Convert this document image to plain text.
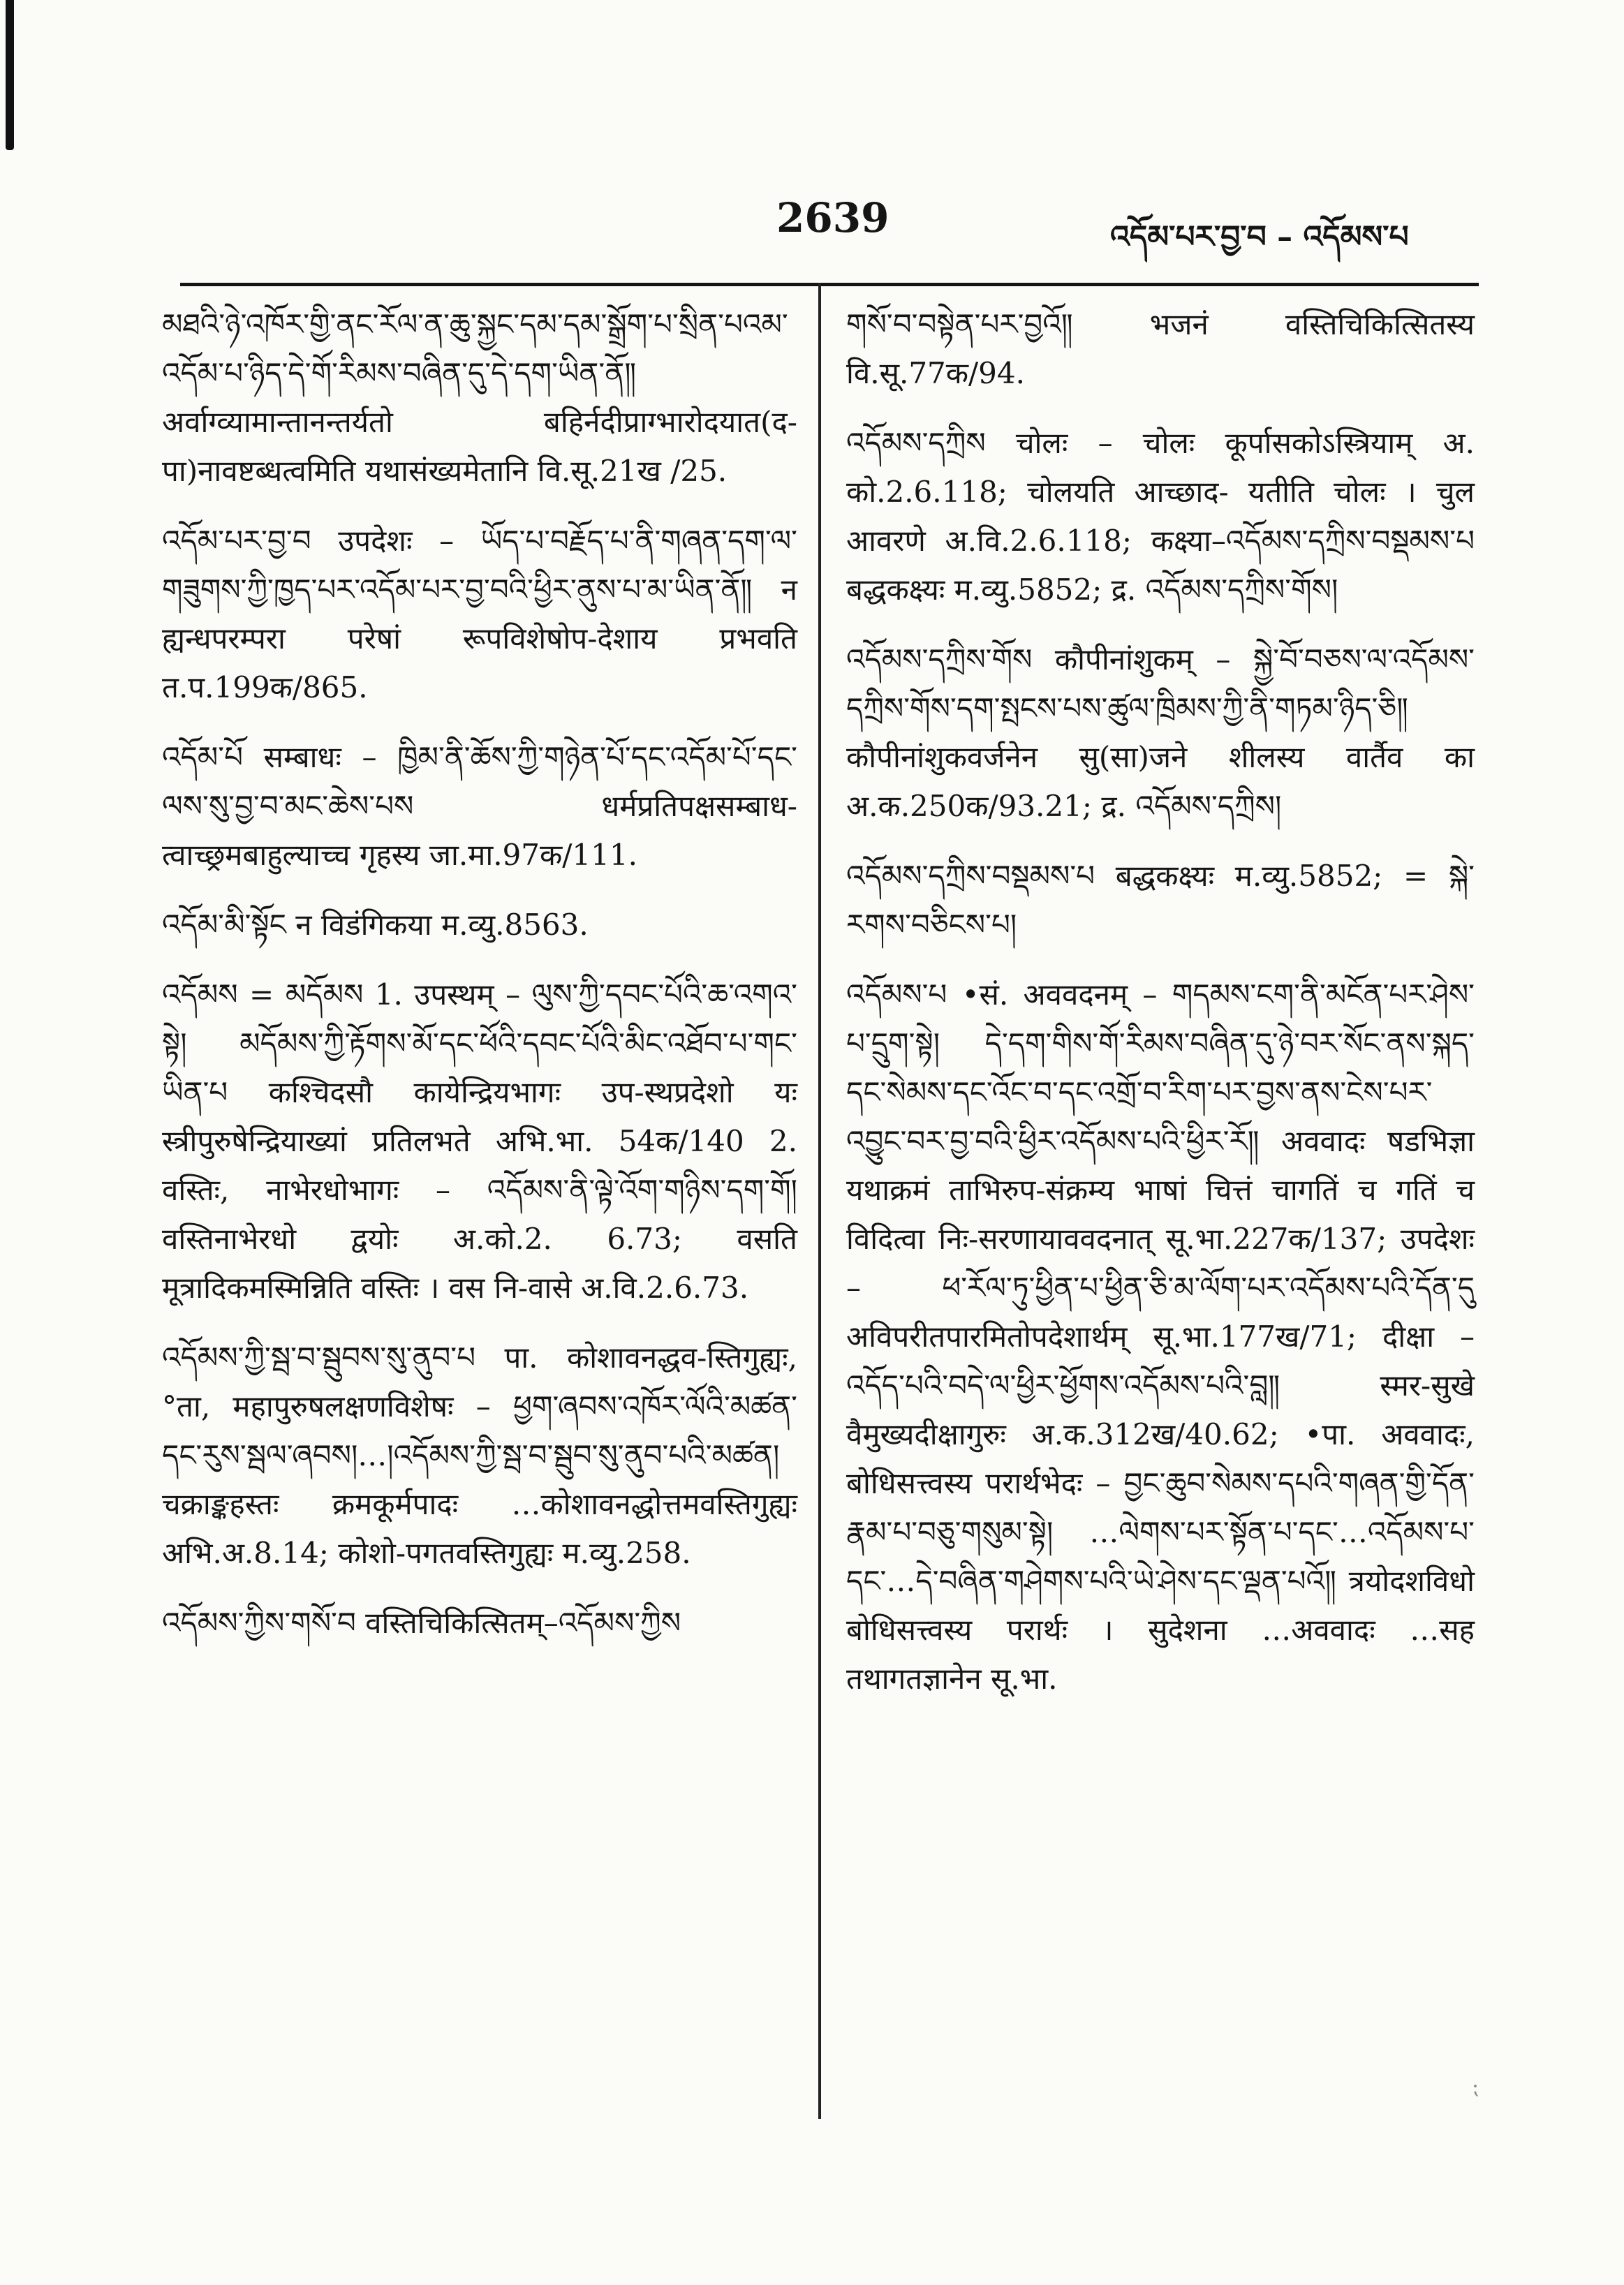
2639	འདོམ་པར་བྱ་བ – འདོམས་པ

མཐའི་ཉེ་འཁོར་གྱི་ནང་རོལ་ན་ཆུ་སྐྱང་དམ་དམ་སྒྲོག་པ་སྲིན་པའམ་འདོམ་པ་ཉིད་དེ་གོ་རིམས་བཞིན་དུ་དེ་དག་ཡིན་ནོ༎ अर्वाग्व्यामान्तानन्तर्यतो बहिर्नदीप्राग्भारोदयात(द-पा)नावष्टब्धत्वमिति यथासंख्यमेतानि वि.सू.21ख /25.

འདོམ་པར་བྱ་བ उपदेशः – ཡོད་པ་བརྗོད་པ་ནི་གཞན་དག་ལ་གཟུགས་ཀྱི་ཁྱད་པར་འདོམ་པར་བྱ་བའི་ཕྱིར་ནུས་པ་མ་ཡིན་ནོ༎ न ह्यन्धपरम्परा परेषां रूपविशेषोप-देशाय प्रभवति त.प.199क/865.

འདོམ་པོ सम्बाधः – ཁྱིམ་ནི་ཆོས་ཀྱི་གཉེན་པོ་དང་འདོམ་པོ་དང་ལས་སུ་བྱ་བ་མང་ཆེས་པས धर्मप्रतिपक्षसम्बाध-त्वाच्छ्रमबाहुल्याच्च गृहस्य जा.मा.97क/111.

འདོམ་མི་སྟོང न विडंगिकया म.व्यु.8563.

འདོམས = མདོམས 1. उपस्थम् – ལུས་ཀྱི་དབང་པོའི་ཆ་འགའ་སྟེ། མདོམས་ཀྱི་རྟོགས་མོ་དང་ཕོའི་དབང་པོའི་མིང་འཐོབ་པ་གང་ཡིན་པ कश्चिदसौ कायेन्द्रियभागः उप-स्थप्रदेशो यः स्त्रीपुरुषेन्द्रियाख्यां प्रतिलभते अभि.भा. 54क/140 2. वस्तिः, नाभेरधोभागः – འདོམས་ནི་ལྟེ་འོག་གཉིས་དག་གོ། वस्तिनाभेरधो द्वयोः अ.को.2. 6.73; वसति मूत्रादिकमस्मिन्निति वस्तिः । वस नि-वासे अ.वि.2.6.73.

འདོམས་ཀྱི་སྦ་བ་སྦུབས་སུ་ནུབ་པ पा. कोशावनद्धव-स्तिगुह्यः, °ता, महापुरुषलक्षणविशेषः – ཕྱག་ཞབས་འཁོར་ལོའི་མཚན་དང་རུས་སྦལ་ཞབས།…།འདོམས་ཀྱི་སྦ་བ་སྦུབ་སུ་ནུབ་པའི་མཚན། चक्राङ्कहस्तः क्रमकूर्मपादः …कोशावनद्धोत्तमवस्तिगुह्यः अभि.अ.8.14; कोशो-पगतवस्तिगुह्यः म.व्यु.258.

འདོམས་ཀྱིས་གསོ་བ वस्तिचिकित्सितम्–འདོམས་ཀྱིས

གསོ་བ་བསྟེན་པར་བྱའོ༎ भजनं वस्तिचिकित्सितस्य वि.सू.77क/94.

འདོམས་དཀྲིས चोलः – चोलः कूर्पासकोऽस्त्रियाम् अ. को.2.6.118; चोलयति आच्छाद- यतीति चोलः । चुल आवरणे अ.वि.2.6.118; कक्ष्या–འདོམས་དཀྲིས་བསྡམས་པ बद्धकक्ष्यः म.व्यु.5852; द्र. འདོམས་དཀྲིས་གོས།

འདོམས་དཀྲིས་གོས कौपीनांशुकम् – སྐྱེ་བོ་བཅས་ལ་འདོམས་དཀྲིས་གོས་དག་སྤངས་པས་ཚུལ་ཁྲིམས་ཀྱི་ནི་གཏམ་ཉིད་ཅི༎ कौपीनांशुकवर्जनेन सु(सा)जने शीलस्य वार्तैव का अ.क.250क/93.21; द्र. འདོམས་དཀྲིས།

འདོམས་དཀྲིས་བསྡམས་པ बद्धकक्ष्यः म.व्यु.5852; = སྐེ་རགས་བཅིངས་པ།

འདོམས་པ •सं. अववदनम् – གདམས་ངག་ནི་མངོན་པར་ཤེས་པ་དྲུག་སྟེ། དེ་དག་གིས་གོ་རིམས་བཞིན་དུ་ཉེ་བར་སོང་ནས་སྐད་དང་སེམས་དང་འོང་བ་དང་འགྲོ་བ་རིག་པར་བྱས་ནས་ངེས་པར་འབྱུང་བར་བྱ་བའི་ཕྱིར་འདོམས་པའི་ཕྱིར་རོ༎ अववादः षडभिज्ञा यथाक्रमं ताभिरुप-संक्रम्य भाषां चित्तं चागतिं च गतिं च विदित्वा निः-सरणायाववदनात् सू.भा.227क/137; उपदेशः – ཕ་རོལ་ཏུ་ཕྱིན་པ་ཕྱིན་ཅི་མ་ལོག་པར་འདོམས་པའི་དོན་དུ अविपरीतपारमितोपदेशार्थम् सू.भा.177ख/71; दीक्षा – འདོད་པའི་བདེ་ལ་ཕྱིར་ཕྱོགས་འདོམས་པའི་བླ༎ स्मर-सुखे वैमुख्यदीक्षागुरुः अ.क.312ख/40.62; •पा. अववादः, बोधिसत्त्वस्य परार्थभेदः – བྱང་ཆུབ་སེམས་དཔའི་གཞན་གྱི་དོན་རྣམ་པ་བཅུ་གསུམ་སྟེ། …ལེགས་པར་སྟོན་པ་དང་…འདོམས་པ་དང་…དེ་བཞིན་གཤེགས་པའི་ཡེ་ཤེས་དང་ལྡན་པའོ༎ त्रयोदशविधो बोधिसत्त्वस्य परार्थः । सुदेशना …अववादः …सह तथागतज्ञानेन सू.भा.

⁏
